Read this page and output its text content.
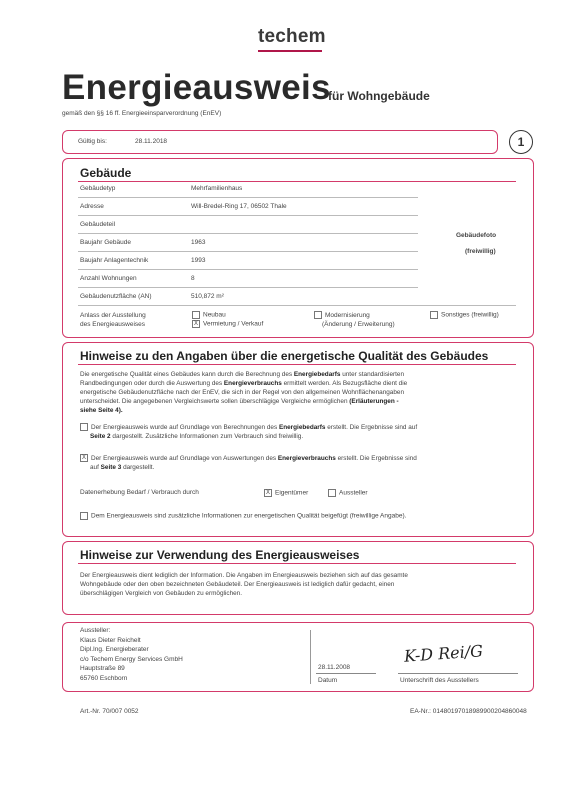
techem
Energieausweis
für Wohngebäude
gemäß den §§ 16 ff. Energieeinsparverordnung (EnEV)
Gültig bis:	28.11.2018	1
Gebäude
Gebäudetyp	Mehrfamilienhaus
Adresse	Will-Bredel-Ring 17, 06502 Thale
Gebäudeteil
Baujahr Gebäude	1963
Baujahr Anlagentechnik	1993
Anzahl Wohnungen	8
Gebäudenutzfläche (AN)	510,872 m²
Gebäudefoto
(freiwillig)
Anlass der Ausstellung
des Energieausweises
Neubau
X Vermietung / Verkauf
Modernisierung
(Änderung / Erweiterung)
Sonstiges (freiwillig)
Hinweise zu den Angaben über die energetische Qualität des Gebäudes
Die energetische Qualität eines Gebäudes kann durch die Berechnung des Energiebedarfs unter standardisierten
Randbedingungen oder durch die Auswertung des Energieverbrauchs ermittelt werden. Als Bezugsfläche dient die
energetische Gebäudenutzfläche nach der EnEV, die sich in der Regel von den allgemeinen Wohnflächenangaben
unterscheidet. Die angegebenen Vergleichswerte sollen überschlägige Vergleiche ermöglichen (Erläuterungen -
siehe Seite 4).
Der Energieausweis wurde auf Grundlage von Berechnungen des Energiebedarfs erstellt. Die Ergebnisse sind auf
Seite 2 dargestellt. Zusätzliche Informationen zum Verbrauch sind freiwillig.
X Der Energieausweis wurde auf Grundlage von Auswertungen des Energieverbrauchs erstellt. Die Ergebnisse sind
auf Seite 3 dargestellt.
Datenerhebung Bedarf / Verbrauch durch	X Eigentümer	Aussteller
Dem Energieausweis sind zusätzliche Informationen zur energetischen Qualität beigefügt (freiwillige Angabe).
Hinweise zur Verwendung des Energieausweises
Der Energieausweis dient lediglich der Information. Die Angaben im Energieausweis beziehen sich auf das gesamte
Wohngebäude oder den oben bezeichneten Gebäudeteil. Der Energieausweis ist lediglich dafür gedacht, einen
überschlägigen Vergleich von Gebäuden zu ermöglichen.
Aussteller:
Klaus Dieter Reichelt
Dipl.Ing. Energieberater
c/o Techem Energy Services GmbH
Hauptstraße 89
65760 Eschborn
28.11.2008
Datum
K-D Rei/G
Unterschrift des Ausstellers
Art.-Nr. 70/007 0052	EA-Nr.: 01480197018989900204860048
